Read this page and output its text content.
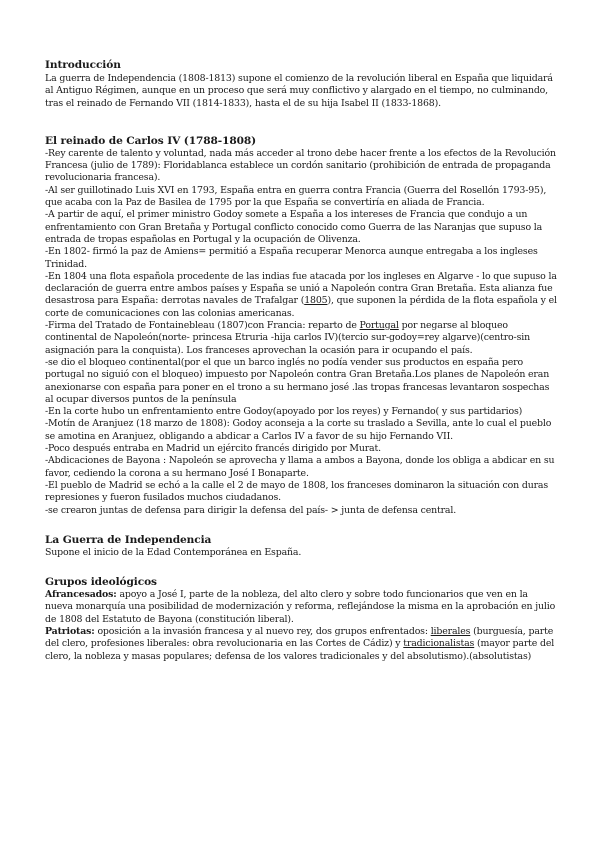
Introducción

La guerra de Independencia (1808-1813) supone el comienzo de la revolución liberal en España que liquidará al Antiguo Régimen, aunque en un proceso que será muy conflictivo y alargado en el tiempo, no culminando, tras el reinado de Fernando VII (1814-1833), hasta el de su hija Isabel II (1833-1868).

El reinado de Carlos IV (1788-1808)
-Rey carente de talento y voluntad, nada más acceder al trono debe hacer frente a los efectos de la Revolución Francesa (julio de 1789): Floridablanca establece un cordón sanitario (prohibición de entrada de propaganda revolucionaria francesa).
-Al ser guillotinado Luis XVI en 1793, España entra en guerra contra Francia (Guerra del Rosellón 1793-95), que acaba con la Paz de Basilea de 1795 por la que España se convertiría en aliada de Francia.
-A partir de aquí, el primer ministro Godoy somete a España a los intereses de Francia que condujo a un enfrentamiento con Gran Bretaña y Portugal conflicto conocido como Guerra de las Naranjas que supuso la entrada de tropas españolas en Portugal y la ocupación de Olivenza.
-En 1802- firmó la paz de Amiens= permitió a España recuperar Menorca aunque entregaba a los ingleses Trinidad.
-En 1804 una flota española procedente de las indias fue atacada por los ingleses en Algarve - lo que supuso la declaración de guerra entre ambos países y España se unió a Napoleón contra Gran Bretaña. Esta alianza fue desastrosa para España: derrotas navales de Trafalgar (1805), que suponen la pérdida de la flota española y el corte de comunicaciones con las colonias americanas.
-Firma del Tratado de Fontainebleau (1807)con Francia: reparto de Portugal por negarse al bloqueo continental de Napoleón(norte- princesa Etruria -hija carlos IV)(tercio sur-godoy=rey algarve)(centro-sin asignación para la conquista). Los franceses aprovechan la ocasión para ir ocupando el país.
-se dio el bloqueo continental(por el que un barco inglés no podía vender sus productos en españa pero portugal no siguió con el bloqueo) impuesto por Napoleón contra Gran Bretaña.Los planes de Napoleón eran anexionarse con españa para poner en el trono a su hermano josé .las tropas francesas levantaron sospechas al ocupar diversos puntos de la península
-En la corte hubo un enfrentamiento entre Godoy(apoyado por los reyes) y Fernando( y sus partidarios)
-Motín de Aranjuez (18 marzo de 1808): Godoy aconseja a la corte su traslado a Sevilla, ante lo cual el pueblo se amotina en Aranjuez, obligando a abdicar a Carlos IV a favor de su hijo Fernando VII.
-Poco después entraba en Madrid un ejército francés dirigido por Murat.
-Abdicaciones de Bayona : Napoleón se aprovecha y llama a ambos a Bayona, donde los obliga a abdicar en su favor, cediendo la corona a su hermano José I Bonaparte.
-El pueblo de Madrid se echó a la calle el 2 de mayo de 1808, los franceses dominaron la situación con duras represiones y fueron fusilados muchos ciudadanos.
-se crearon juntas de defensa para dirigir la defensa del país- > junta de defensa central.
La Guerra de Independencia

Supone el inicio de la Edad Contemporánea en España.

Grupos ideológicos

Afrancesados: apoyo a José I, parte de la nobleza, del alto clero y sobre todo funcionarios que ven en la nueva monarquía una posibilidad de modernización y reforma, reflejándose la misma en la aprobación en julio de 1808 del Estatuto de Bayona (constitución liberal).

Patriotas: oposición a la invasión francesa y al nuevo rey, dos grupos enfrentados: liberales (burguesía, parte del clero, profesiones liberales: obra revolucionaria en las Cortes de Cádiz) y tradicionalistas (mayor parte del clero, la nobleza y masas populares; defensa de los valores tradicionales y del absolutismo).(absolutistas)
